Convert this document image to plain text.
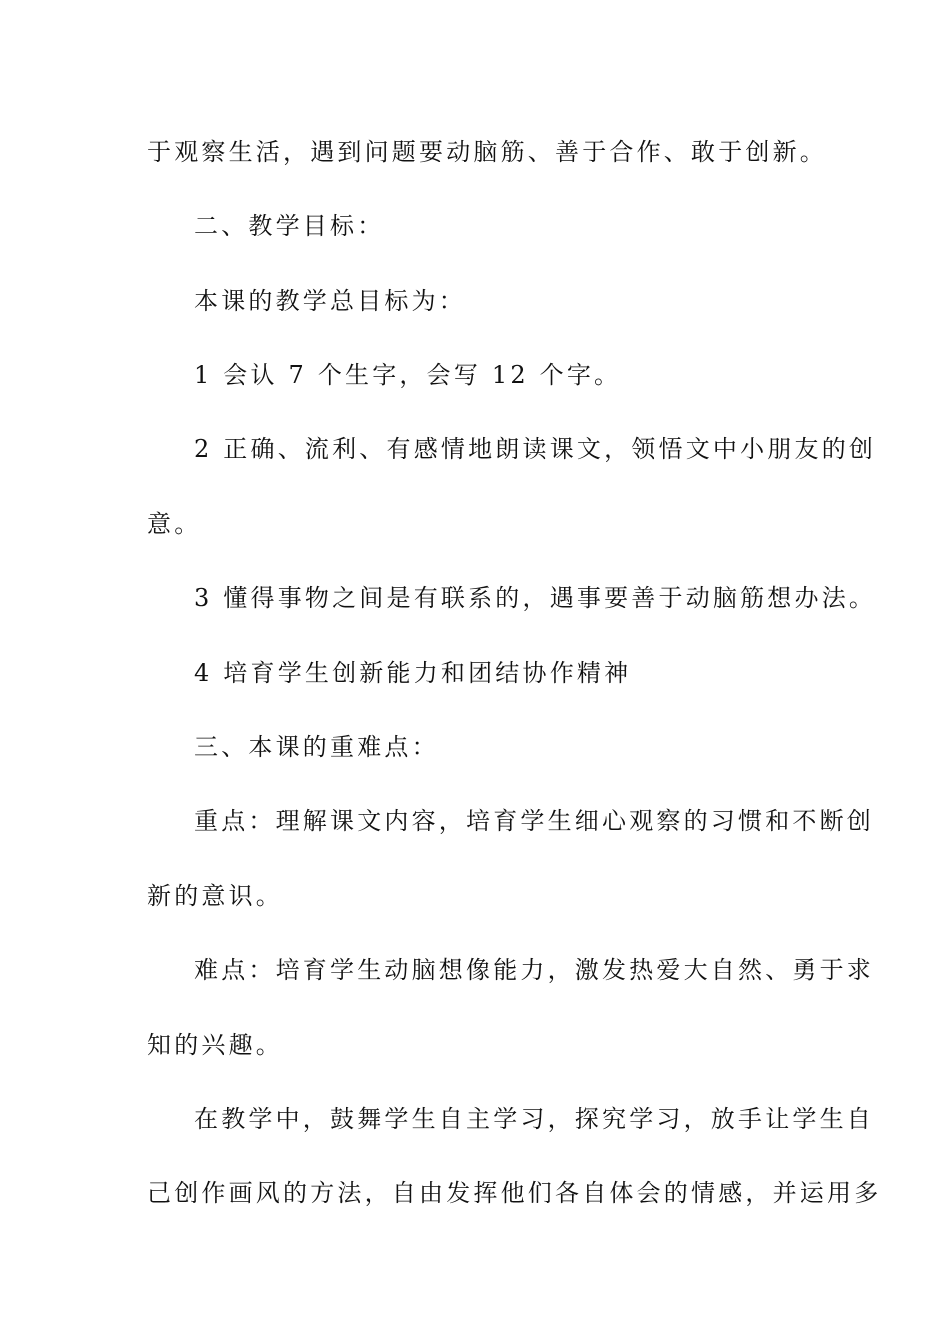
于观察生活，遇到问题要动脑筋、善于合作、敢于创新。
二、教学目标：
本课的教学总目标为：
1 会认 7 个生字，会写 12 个字。
2 正确、流利、有感情地朗读课文，领悟文中小朋友的创
意。
3 懂得事物之间是有联系的，遇事要善于动脑筋想办法。
4 培育学生创新能力和团结协作精神
三、本课的重难点：
重点：理解课文内容，培育学生细心观察的习惯和不断创
新的意识。
难点：培育学生动脑想像能力，激发热爱大自然、勇于求
知的兴趣。
在教学中，鼓舞学生自主学习，探究学习，放手让学生自
己创作画风的方法，自由发挥他们各自体会的情感，并运用多
